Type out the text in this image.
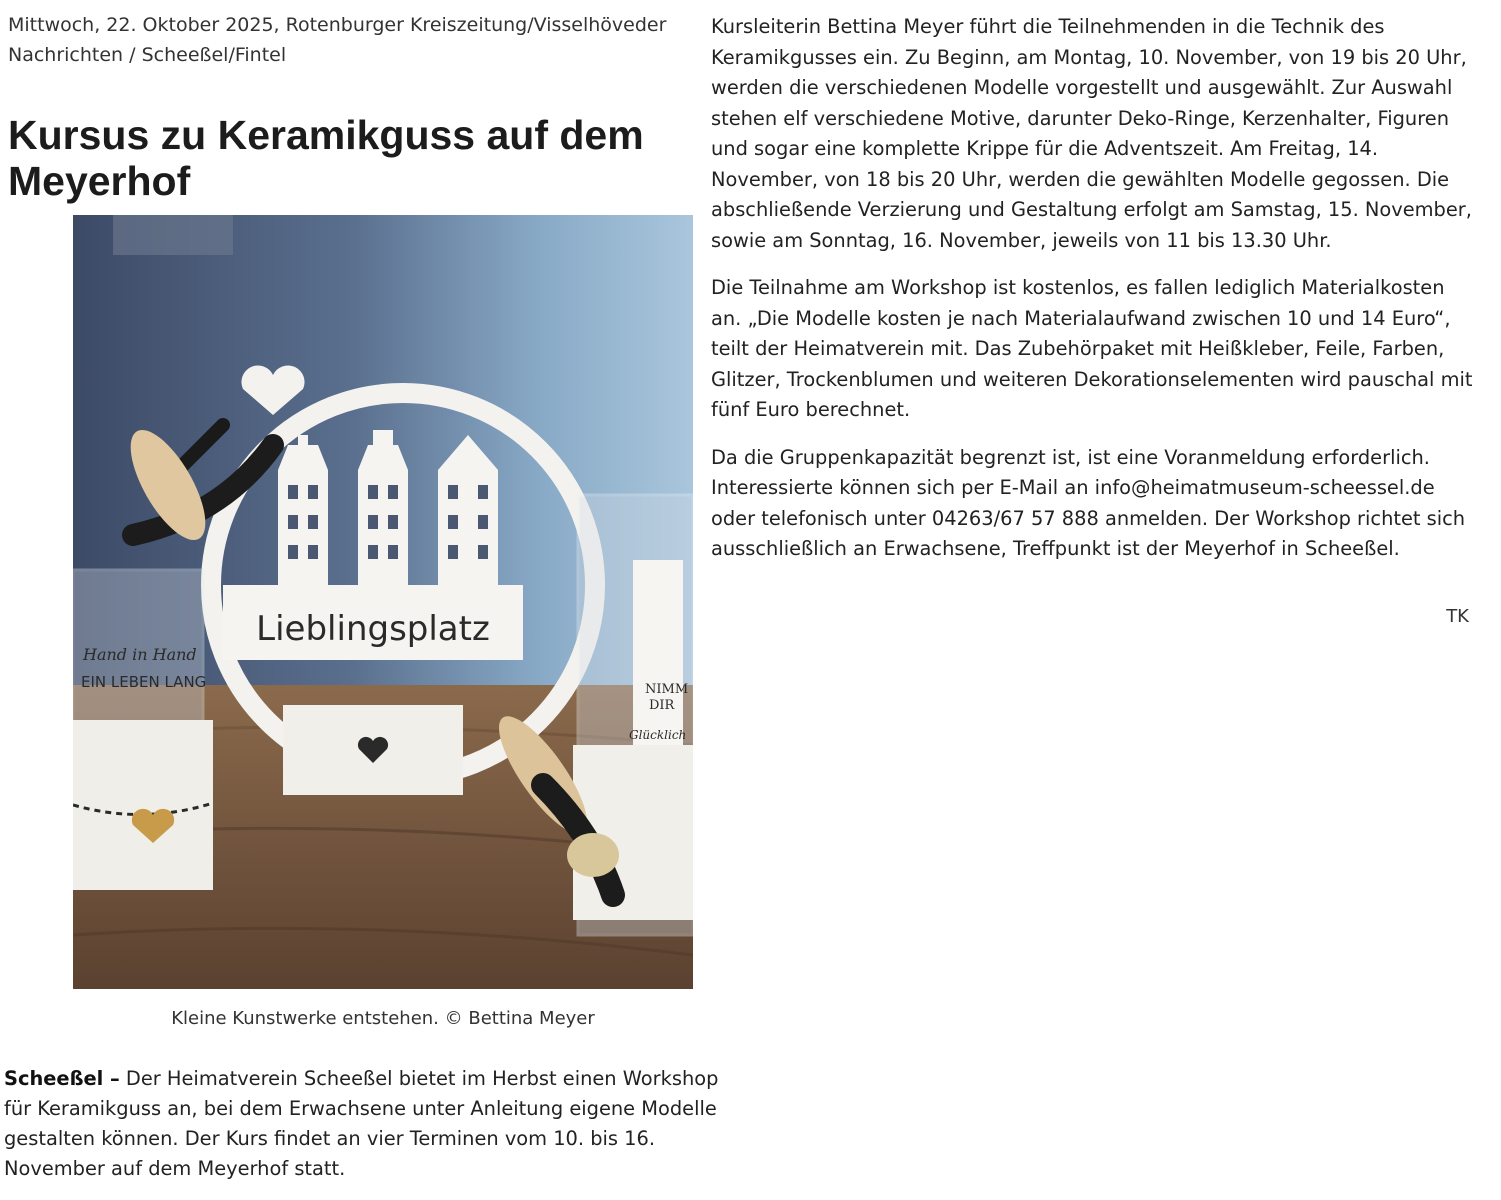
Mittwoch, 22. Oktober 2025, Rotenburger Kreiszeitung/Visselhöveder Nachrichten / Scheeßel/Fintel

Kursus zu Keramikguss auf dem Meyerhof
Lieblingsplatz
Hand in Hand
EIN LEBEN LANG	NIMM
DIR
Glücklich

Kleine Kunstwerke entstehen. © Bettina Meyer

Scheeßel – Der Heimatverein Scheeßel bietet im Herbst einen Workshop für Keramikguss an, bei dem Erwachsene unter Anleitung eigene Modelle gestalten können. Der Kurs findet an vier Terminen vom 10. bis 16. November auf dem Meyerhof statt.

Kursleiterin Bettina Meyer führt die Teilnehmenden in die Technik des Keramikgusses ein. Zu Beginn, am Montag, 10. November, von 19 bis 20 Uhr, werden die verschiedenen Modelle vorgestellt und ausgewählt. Zur Auswahl stehen elf verschiedene Motive, darunter Deko-Ringe, Kerzenhalter, Figuren und sogar eine komplette Krippe für die Adventszeit. Am Freitag, 14. November, von 18 bis 20 Uhr, werden die gewählten Modelle gegossen. Die abschließende Verzierung und Gestaltung erfolgt am Samstag, 15. November, sowie am Sonntag, 16. November, jeweils von 11 bis 13.30 Uhr.

Die Teilnahme am Workshop ist kostenlos, es fallen lediglich Materialkosten an. „Die Modelle kosten je nach Materialaufwand zwischen 10 und 14 Euro“, teilt der Heimatverein mit. Das Zubehörpaket mit Heißkleber, Feile, Farben, Glitzer, Trockenblumen und weiteren Dekorationselementen wird pauschal mit fünf Euro berechnet.

Da die Gruppenkapazität begrenzt ist, ist eine Voranmeldung erforderlich. Interessierte können sich per E-Mail an info@heimatmuseum-scheessel.de oder telefonisch unter 04263/67 57 888 anmelden. Der Workshop richtet sich ausschließlich an Erwachsene, Treffpunkt ist der Meyerhof in Scheeßel.

TK
